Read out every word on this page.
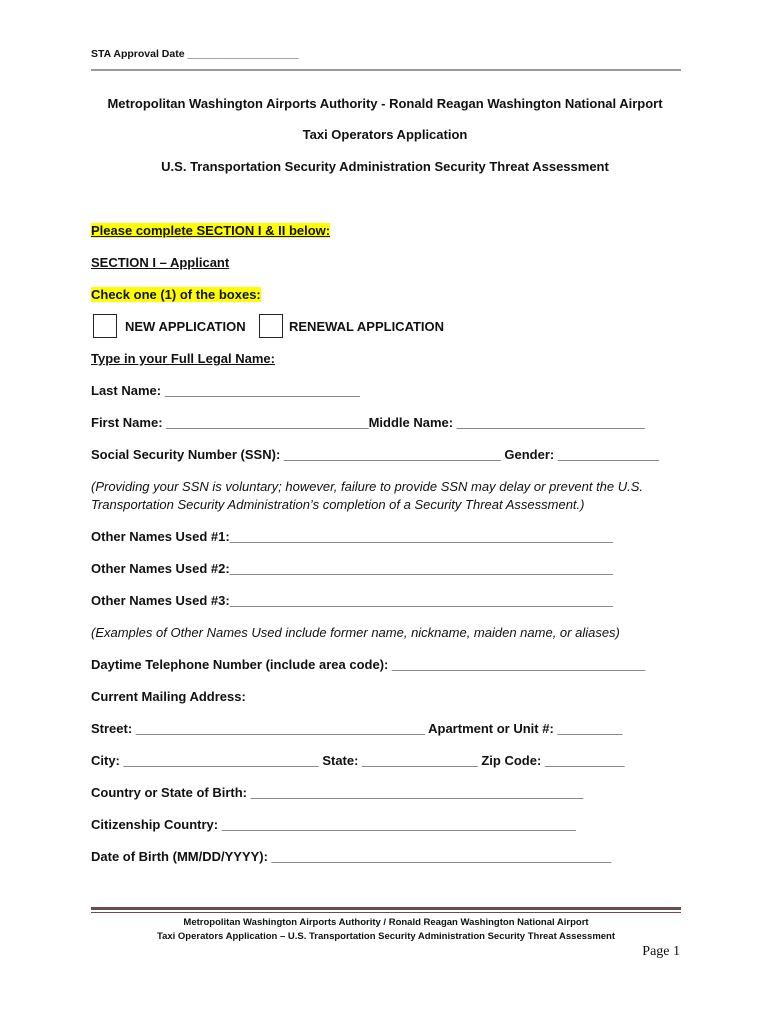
STA Approval Date ___________________
Metropolitan Washington Airports Authority - Ronald Reagan Washington National Airport
Taxi Operators Application
U.S. Transportation Security Administration Security Threat Assessment
Please complete SECTION I & II below:
SECTION I – Applicant
Check one (1) of the boxes:
NEW APPLICATION	RENEWAL APPLICATION
Type in your Full Legal Name:
Last Name: ___________________________
First Name: ____________________________Middle Name: __________________________
Social Security Number (SSN): ______________________________ Gender: ______________
(Providing your SSN is voluntary; however, failure to provide SSN may delay or prevent the U.S.
Transportation Security Administration’s completion of a Security Threat Assessment.)
Other Names Used #1:_____________________________________________________
Other Names Used #2:_____________________________________________________
Other Names Used #3:_____________________________________________________
(Examples of Other Names Used include former name, nickname, maiden name, or aliases)
Daytime Telephone Number (include area code): ___________________________________
Current Mailing Address:
Street: ________________________________________ Apartment or Unit #: _________
City: ___________________________ State: ________________ Zip Code: ___________
Country or State of Birth: ______________________________________________
Citizenship Country: _________________________________________________
Date of Birth (MM/DD/YYYY): _______________________________________________
Metropolitan Washington Airports Authority / Ronald Reagan Washington National Airport
Taxi Operators Application – U.S. Transportation Security Administration Security Threat Assessment
Page 1
